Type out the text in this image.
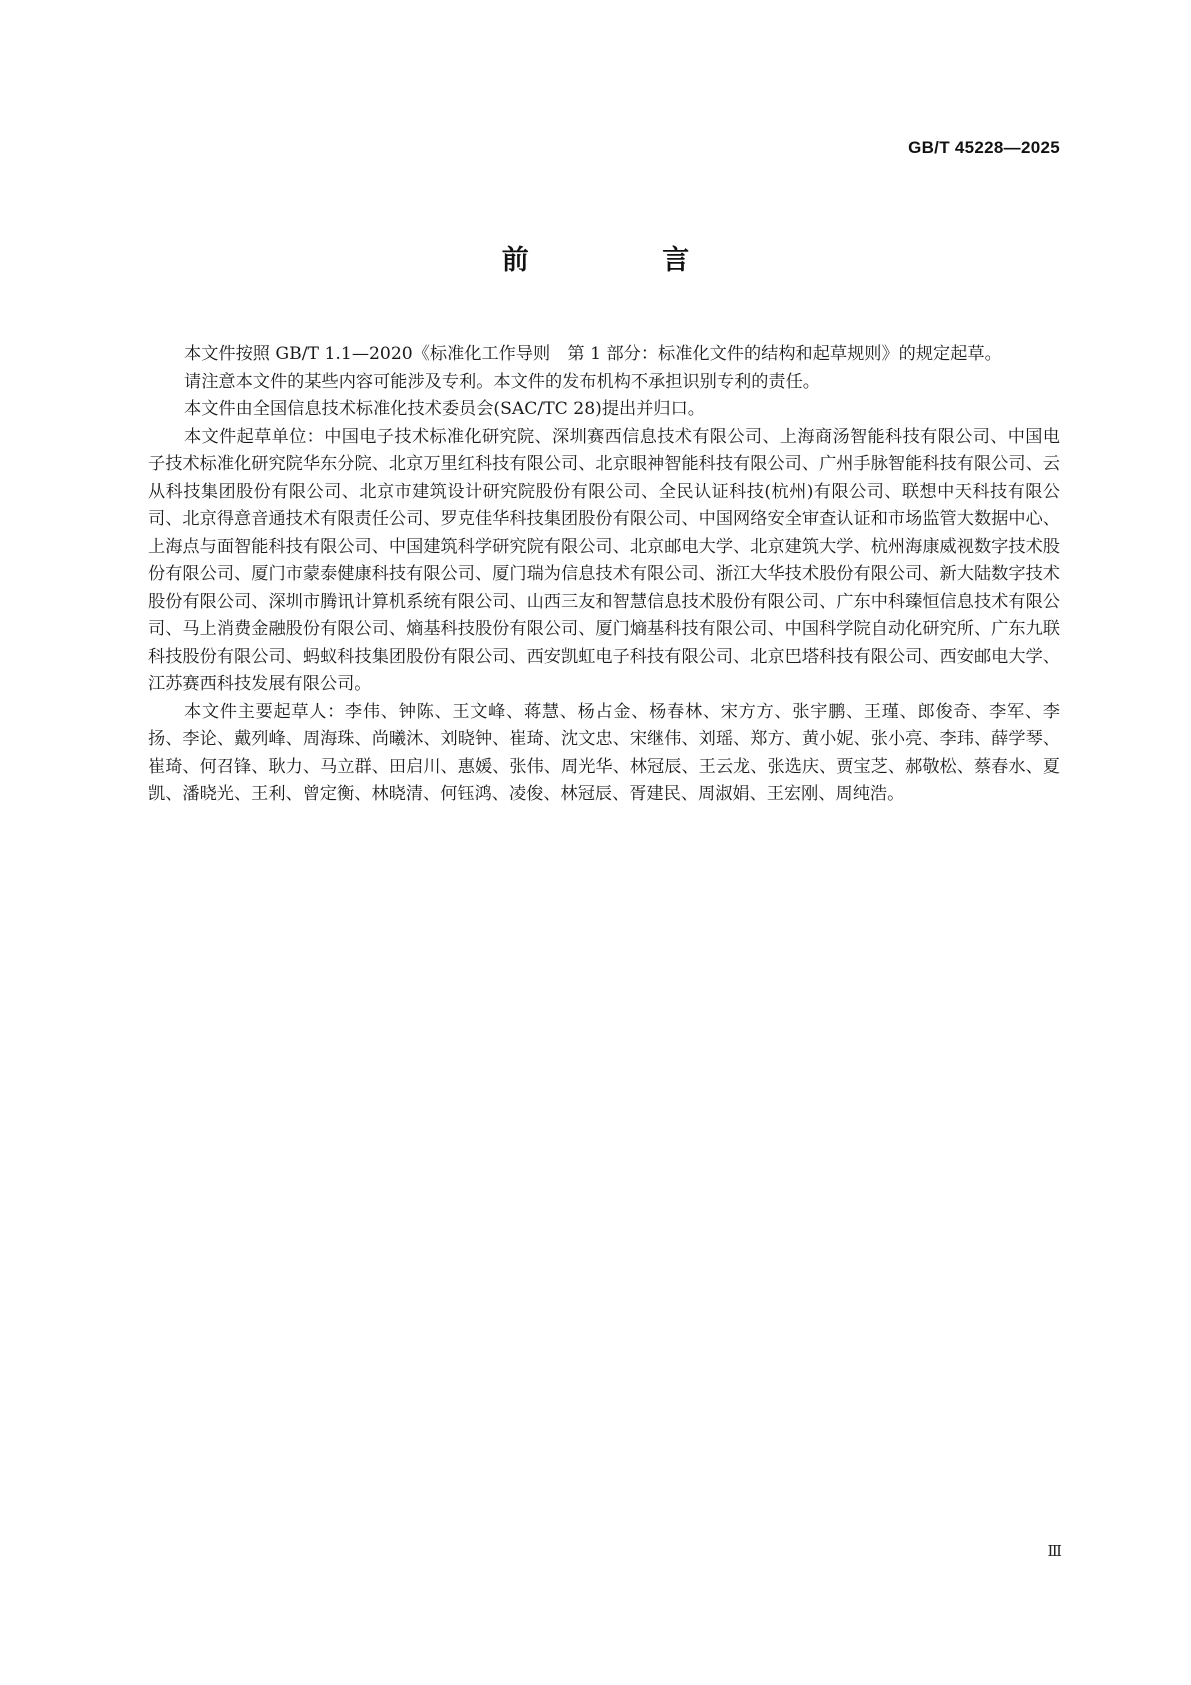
GB/T 45228—2025
前 言

本文件按照 GB/T 1.1—2020《标准化工作导则　第 1 部分：标准化文件的结构和起草规则》的规定起草。

请注意本文件的某些内容可能涉及专利。本文件的发布机构不承担识别专利的责任。

本文件由全国信息技术标准化技术委员会(SAC/TC 28)提出并归口。

本文件起草单位：中国电子技术标准化研究院、深圳赛西信息技术有限公司、上海商汤智能科技有限公司、中国电子技术标准化研究院华东分院、北京万里红科技有限公司、北京眼神智能科技有限公司、广州手脉智能科技有限公司、云从科技集团股份有限公司、北京市建筑设计研究院股份有限公司、全民认证科技(杭州)有限公司、联想中天科技有限公司、北京得意音通技术有限责任公司、罗克佳华科技集团股份有限公司、中国网络安全审查认证和市场监管大数据中心、上海点与面智能科技有限公司、中国建筑科学研究院有限公司、北京邮电大学、北京建筑大学、杭州海康威视数字技术股份有限公司、厦门市蒙泰健康科技有限公司、厦门瑞为信息技术有限公司、浙江大华技术股份有限公司、新大陆数字技术股份有限公司、深圳市腾讯计算机系统有限公司、山西三友和智慧信息技术股份有限公司、广东中科臻恒信息技术有限公司、马上消费金融股份有限公司、熵基科技股份有限公司、厦门熵基科技有限公司、中国科学院自动化研究所、广东九联科技股份有限公司、蚂蚁科技集团股份有限公司、西安凯虹电子科技有限公司、北京巴塔科技有限公司、西安邮电大学、江苏赛西科技发展有限公司。

本文件主要起草人：李伟、钟陈、王文峰、蒋慧、杨占金、杨春林、宋方方、张宇鹏、王瑾、郎俊奇、李军、李扬、李论、戴列峰、周海珠、尚曦沐、刘晓钟、崔琦、沈文忠、宋继伟、刘瑶、郑方、黄小妮、张小亮、李玮、薛学琴、崔琦、何召锋、耿力、马立群、田启川、惠媛、张伟、周光华、林冠辰、王云龙、张选庆、贾宝芝、郝敬松、蔡春水、夏凯、潘晓光、王利、曾定衡、林晓清、何钰鸿、凌俊、林冠辰、胥建民、周淑娟、王宏刚、周纯浩。

Ⅲ
